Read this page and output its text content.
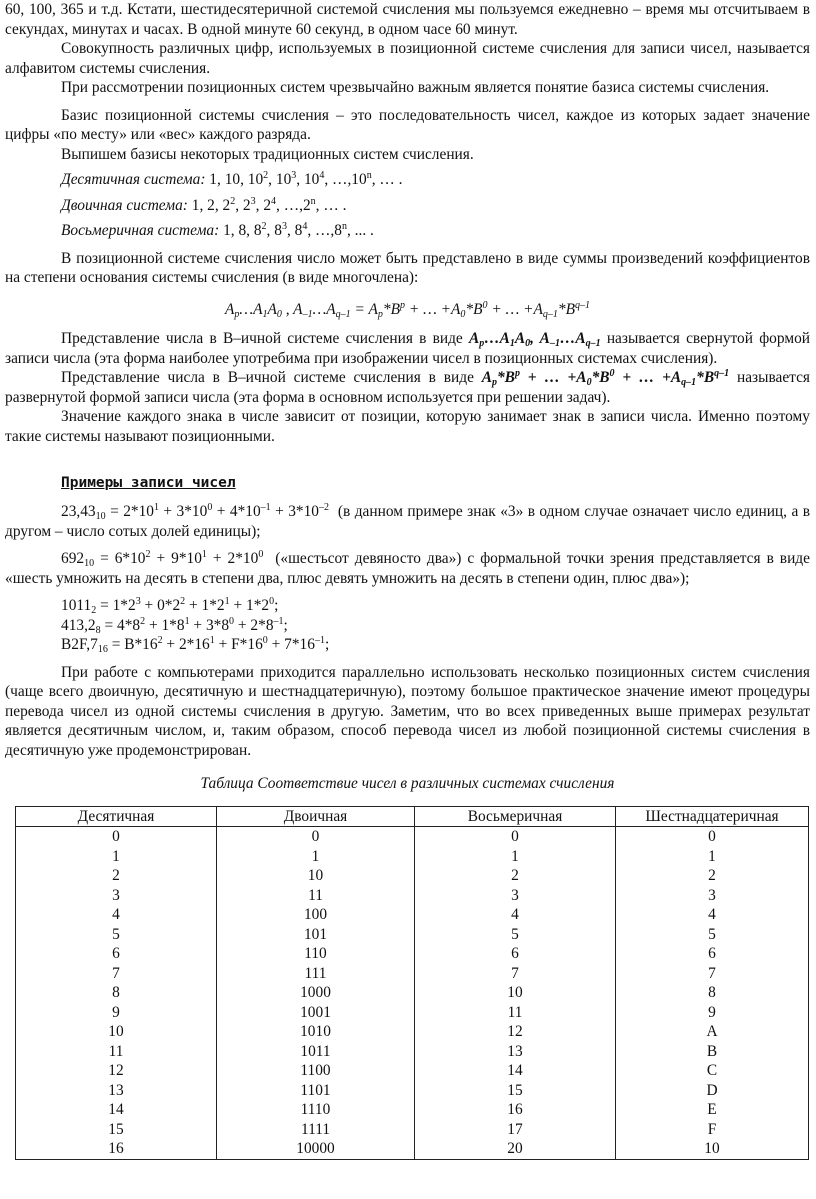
60, 100, 365 и т.д. Кстати, шестидесятеричной системой счисления мы пользуемся ежедневно – время мы отсчитываем в секундах, минутах и часах. В одной минуте 60 секунд, в одном часе 60 минут.

Совокупность различных цифр, используемых в позиционной системе счисления для записи чисел, называется алфавитом системы счисления.

При рассмотрении позиционных систем чрезвычайно важным является понятие базиса системы счисления.

Базис позиционной системы счисления – это последовательность чисел, каждое из которых задает значение цифры «по месту» или «вес» каждого разряда.

Выпишем базисы некоторых традиционных систем счисления.

Десятичная система: 1, 10, $10^2$, $10^3$, $10^4$, …,10$^n$, … .
Двоичная система: 1, 2, $2^2$, $2^3$, $2^4$, …,2$^n$, … .
Восьмеричная система: 1, 8, $8^2$, $8^3$, $8^4$, …,8$^n$, ... .

В позиционной системе счисления число может быть представлено в виде суммы произведений коэффициентов на степени основания системы счисления (в виде многочлена):

$A_p\dots A_1A_0$ , $A_{-1}\dots A_{q-1} = A_p*B^p$ + … $+A_0*B^0$ + … $+A_{q-1}*B^{q-1}$

Представление числа в B–ичной системе счисления в виде $A_p\dots A_1A_0$, $A_{-1}\dots A_{q-1}$ называется свернутой формой записи числа (эта форма наиболее употребима при изображении чисел в позиционных системах счисления).

Представление числа в B–ичной системе счисления в виде $A_p*B^p$ + … $+A_0*B^0$ + … $+A_{q-1}*B^{q-1}$ называется развернутой формой записи числа (эта форма в основном используется при решении задач).

Значение каждого знака в числе зависит от позиции, которую занимает знак в записи числа. Именно поэтому такие системы называют позиционными.

Примеры записи чисел

$23,43_{10} = 2*10^1 + 3*10^0 + 4*10^{-1} + 3*10^{-2}$ (в данном примере знак «3» в одном случае означает число единиц, а в другом – число сотых долей единицы);

$692_{10} = 6*10^2 + 9*10^1 + 2*10^0$ («шестьсот девяносто два») с формальной точки зрения представляется в виде «шесть умножить на десять в степени два, плюс девять умножить на десять в степени один, плюс два»);

$1011_2 = 1*2^3 + 0*2^2 + 1*2^1 + 1*2^0$;
$413,2_8 = 4*8^2 + 1*8^1 + 3*8^0 + 2*8^{-1}$;
$B2F,7_{16} = B*16^2 + 2*16^1 + F*16^0 + 7*16^{-1}$;

При работе с компьютерами приходится параллельно использовать несколько позиционных систем счисления (чаще всего двоичную, десятичную и шестнадцатеричную), поэтому большое практическое значение имеют процедуры перевода чисел из одной системы счисления в другую. Заметим, что во всех приведенных выше примерах результат является десятичным числом, и, таким образом, способ перевода чисел из любой позиционной системы счисления в десятичную уже продемонстрирован.

Таблица Соответствие чисел в различных системах счисления
Десятичная	Двоичная	Восьмеричная	Шестнадцатеричная
0	0	0	0
1	1	1	1
2	10	2	2
3	11	3	3
4	100	4	4
5	101	5	5
6	110	6	6
7	111	7	7
8	1000	10	8
9	1001	11	9
10	1010	12	A
11	1011	13	B
12	1100	14	C
13	1101	15	D
14	1110	16	E
15	1111	17	F
16	10000	20	10
